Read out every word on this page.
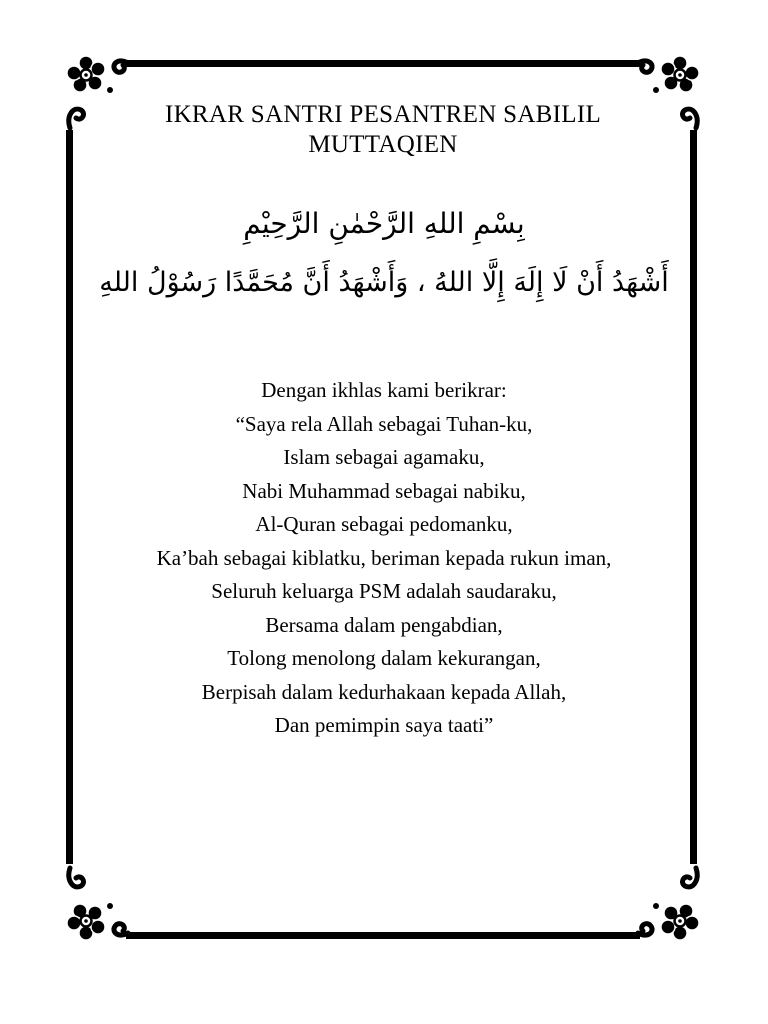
IKRAR SANTRI PESANTREN SABILIL MUTTAQIEN

بِسْمِ اللهِ الرَّحْمٰنِ الرَّحِيْمِ

أَشْهَدُ أَنْ لَا إِلَهَ إِلَّا اللهُ ، وَأَشْهَدُ أَنَّ مُحَمَّدًا رَسُوْلُ اللهِ

Dengan ikhlas kami berikrar:
“Saya rela Allah sebagai Tuhan-ku,
Islam sebagai agamaku,
Nabi Muhammad sebagai nabiku,
Al-Quran sebagai pedomanku,
Ka’bah sebagai kiblatku, beriman kepada rukun iman,
Seluruh keluarga PSM adalah saudaraku,
Bersama dalam pengabdian,
Tolong menolong dalam kekurangan,
Berpisah dalam kedurhakaan kepada Allah,
Dan pemimpin saya taati”
